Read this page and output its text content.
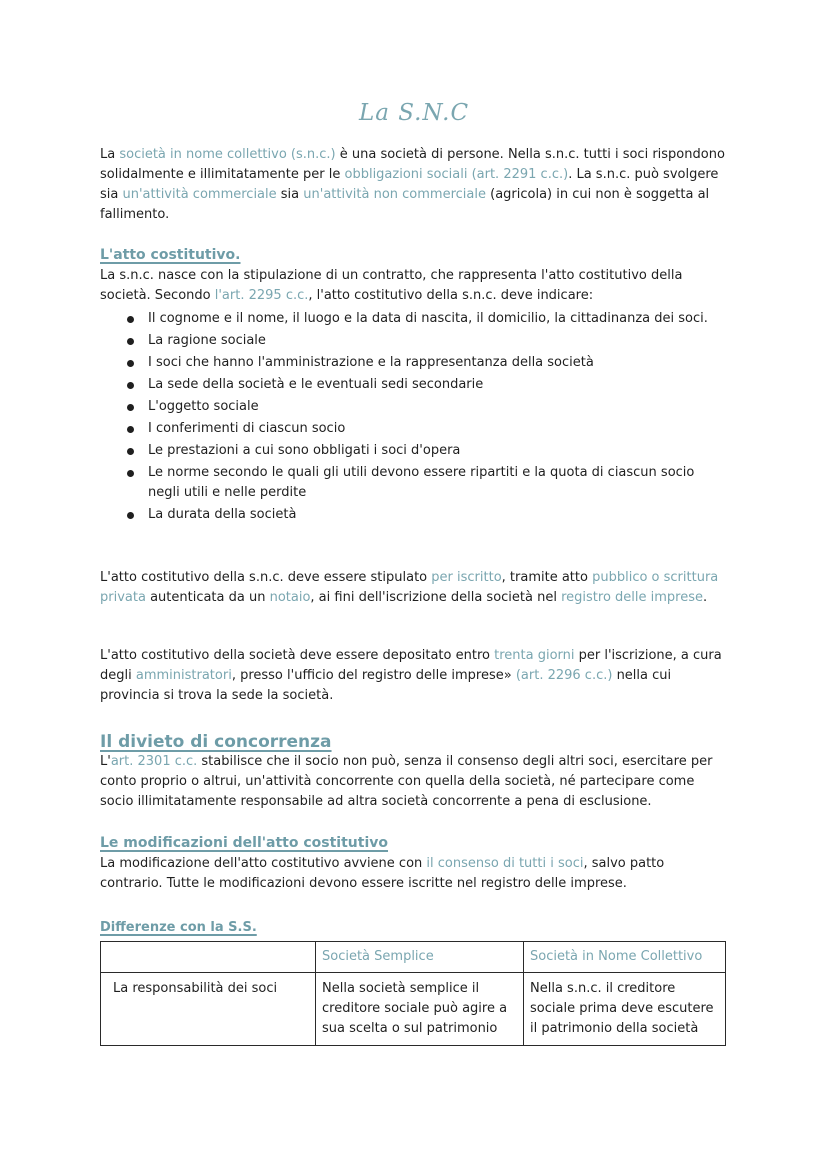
La S.N.C
La società in nome collettivo (s.n.c.) è una società di persone. Nella s.n.c. tutti i soci rispondono solidalmente e illimitatamente per le obbligazioni sociali (art. 2291 c.c.). La s.n.c. può svolgere sia un'attività commerciale sia un'attività non commerciale (agricola) in cui non è soggetta al fallimento.
L'atto costitutivo.
La s.n.c. nasce con la stipulazione di un contratto, che rappresenta l'atto costitutivo della società. Secondo l'art. 2295 c.c., l'atto costitutivo della s.n.c. deve indicare:
Il cognome e il nome, il luogo e la data di nascita, il domicilio, la cittadinanza dei soci.
La ragione sociale
I soci che hanno l'amministrazione e la rappresentanza della società
La sede della società e le eventuali sedi secondarie
L'oggetto sociale
I conferimenti di ciascun socio
Le prestazioni a cui sono obbligati i soci d'opera
Le norme secondo le quali gli utili devono essere ripartiti e la quota di ciascun socio negli utili e nelle perdite
La durata della società
L'atto costitutivo della s.n.c. deve essere stipulato per iscritto, tramite atto pubblico o scrittura privata autenticata da un notaio, ai fini dell'iscrizione della società nel registro delle imprese.
L'atto costitutivo della società deve essere depositato entro trenta giorni per l'iscrizione, a cura degli amministratori, presso l'ufficio del registro delle imprese» (art. 2296 c.c.) nella cui provincia si trova la sede la società.
Il divieto di concorrenza
L'art. 2301 c.c. stabilisce che il socio non può, senza il consenso degli altri soci, esercitare per conto proprio o altrui, un'attività concorrente con quella della società, né partecipare come socio illimitatamente responsabile ad altra società concorrente a pena di esclusione.
Le modificazioni dell'atto costitutivo
La modificazione dell'atto costitutivo avviene con il consenso di tutti i soci, salvo patto contrario. Tutte le modificazioni devono essere iscritte nel registro delle imprese.
Differenze con la S.S.
	Società Semplice	Società in Nome Collettivo
La responsabilità dei soci	Nella società semplice il creditore sociale può agire a sua scelta o sul patrimonio	Nella s.n.c. il creditore sociale prima deve escutere il patrimonio della società
